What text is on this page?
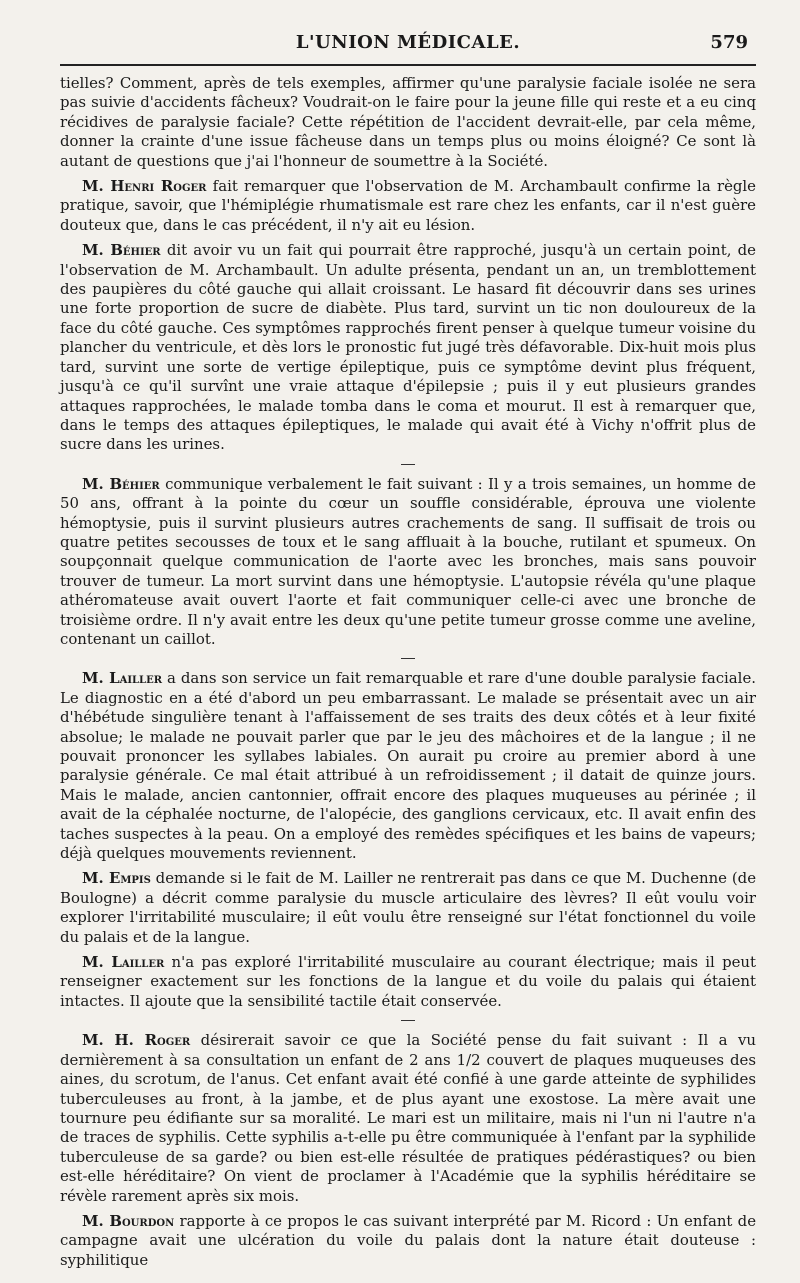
L'UNION MÉDICALE.	579

tielles? Comment, après de tels exemples, affirmer qu'une paralysie faciale isolée ne sera pas suivie d'accidents fâcheux? Voudrait-on le faire pour la jeune fille qui reste et a eu cinq récidives de paralysie faciale? Cette répétition de l'accident devrait-elle, par cela même, donner la crainte d'une issue fâcheuse dans un temps plus ou moins éloigné? Ce sont là autant de questions que j'ai l'honneur de soumettre à la Société.

M. Henri Roger fait remarquer que l'observation de M. Archambault confirme la règle pratique, savoir, que l'hémiplégie rhumatismale est rare chez les enfants, car il n'est guère douteux que, dans le cas précédent, il n'y ait eu lésion.

M. Béhier dit avoir vu un fait qui pourrait être rapproché, jusqu'à un certain point, de l'observation de M. Archambault. Un adulte présenta, pendant un an, un tremblottement des paupières du côté gauche qui allait croissant. Le hasard fit découvrir dans ses urines une forte proportion de sucre de diabète. Plus tard, survint un tic non douloureux de la face du côté gauche. Ces symptômes rapprochés firent penser à quelque tumeur voisine du plancher du ventricule, et dès lors le pronostic fut jugé très défavorable. Dix-huit mois plus tard, survint une sorte de vertige épileptique, puis ce symptôme devint plus fréquent, jusqu'à ce qu'il survînt une vraie attaque d'épilepsie ; puis il y eut plusieurs grandes attaques rapprochées, le malade tomba dans le coma et mourut. Il est à remarquer que, dans le temps des attaques épileptiques, le malade qui avait été à Vichy n'offrit plus de sucre dans les urines.

M. Béhier communique verbalement le fait suivant : Il y a trois semaines, un homme de 50 ans, offrant à la pointe du cœur un souffle considérable, éprouva une violente hémoptysie, puis il survint plusieurs autres crachements de sang. Il suffisait de trois ou quatre petites secousses de toux et le sang affluait à la bouche, rutilant et spumeux. On soupçonnait quelque communication de l'aorte avec les bronches, mais sans pouvoir trouver de tumeur. La mort survint dans une hémoptysie. L'autopsie révéla qu'une plaque athéromateuse avait ouvert l'aorte et fait communiquer celle-ci avec une bronche de troisième ordre. Il n'y avait entre les deux qu'une petite tumeur grosse comme une aveline, contenant un caillot.

M. Lailler a dans son service un fait remarquable et rare d'une double paralysie faciale. Le diagnostic en a été d'abord un peu embarrassant. Le malade se présentait avec un air d'hébétude singulière tenant à l'affaissement de ses traits des deux côtés et à leur fixité absolue; le malade ne pouvait parler que par le jeu des mâchoires et de la langue ; il ne pouvait prononcer les syllabes labiales. On aurait pu croire au premier abord à une paralysie générale. Ce mal était attribué à un refroidissement ; il datait de quinze jours. Mais le malade, ancien cantonnier, offrait encore des plaques muqueuses au périnée ; il avait de la céphalée nocturne, de l'alopécie, des ganglions cervicaux, etc. Il avait enfin des taches suspectes à la peau. On a employé des remèdes spécifiques et les bains de vapeurs; déjà quelques mouvements reviennent.

M. Empis demande si le fait de M. Lailler ne rentrerait pas dans ce que M. Duchenne (de Boulogne) a décrit comme paralysie du muscle articulaire des lèvres? Il eût voulu voir explorer l'irritabilité musculaire; il eût voulu être renseigné sur l'état fonctionnel du voile du palais et de la langue.

M. Lailler n'a pas exploré l'irritabilité musculaire au courant électrique; mais il peut renseigner exactement sur les fonctions de la langue et du voile du palais qui étaient intactes. Il ajoute que la sensibilité tactile était conservée.

M. H. Roger désirerait savoir ce que la Société pense du fait suivant : Il a vu dernièrement à sa consultation un enfant de 2 ans 1/2 couvert de plaques muqueuses des aines, du scrotum, de l'anus. Cet enfant avait été confié à une garde atteinte de syphilides tuberculeuses au front, à la jambe, et de plus ayant une exostose. La mère avait une tournure peu édifiante sur sa moralité. Le mari est un militaire, mais ni l'un ni l'autre n'a de traces de syphilis. Cette syphilis a-t-elle pu être communiquée à l'enfant par la syphilide tuberculeuse de sa garde? ou bien est-elle résultée de pratiques pédérastiques? ou bien est-elle héréditaire? On vient de proclamer à l'Académie que la syphilis héréditaire se révèle rarement après six mois.

M. Bourdon rapporte à ce propos le cas suivant interprété par M. Ricord : Un enfant de campagne avait une ulcération du voile du palais dont la nature était douteuse : syphilitique
